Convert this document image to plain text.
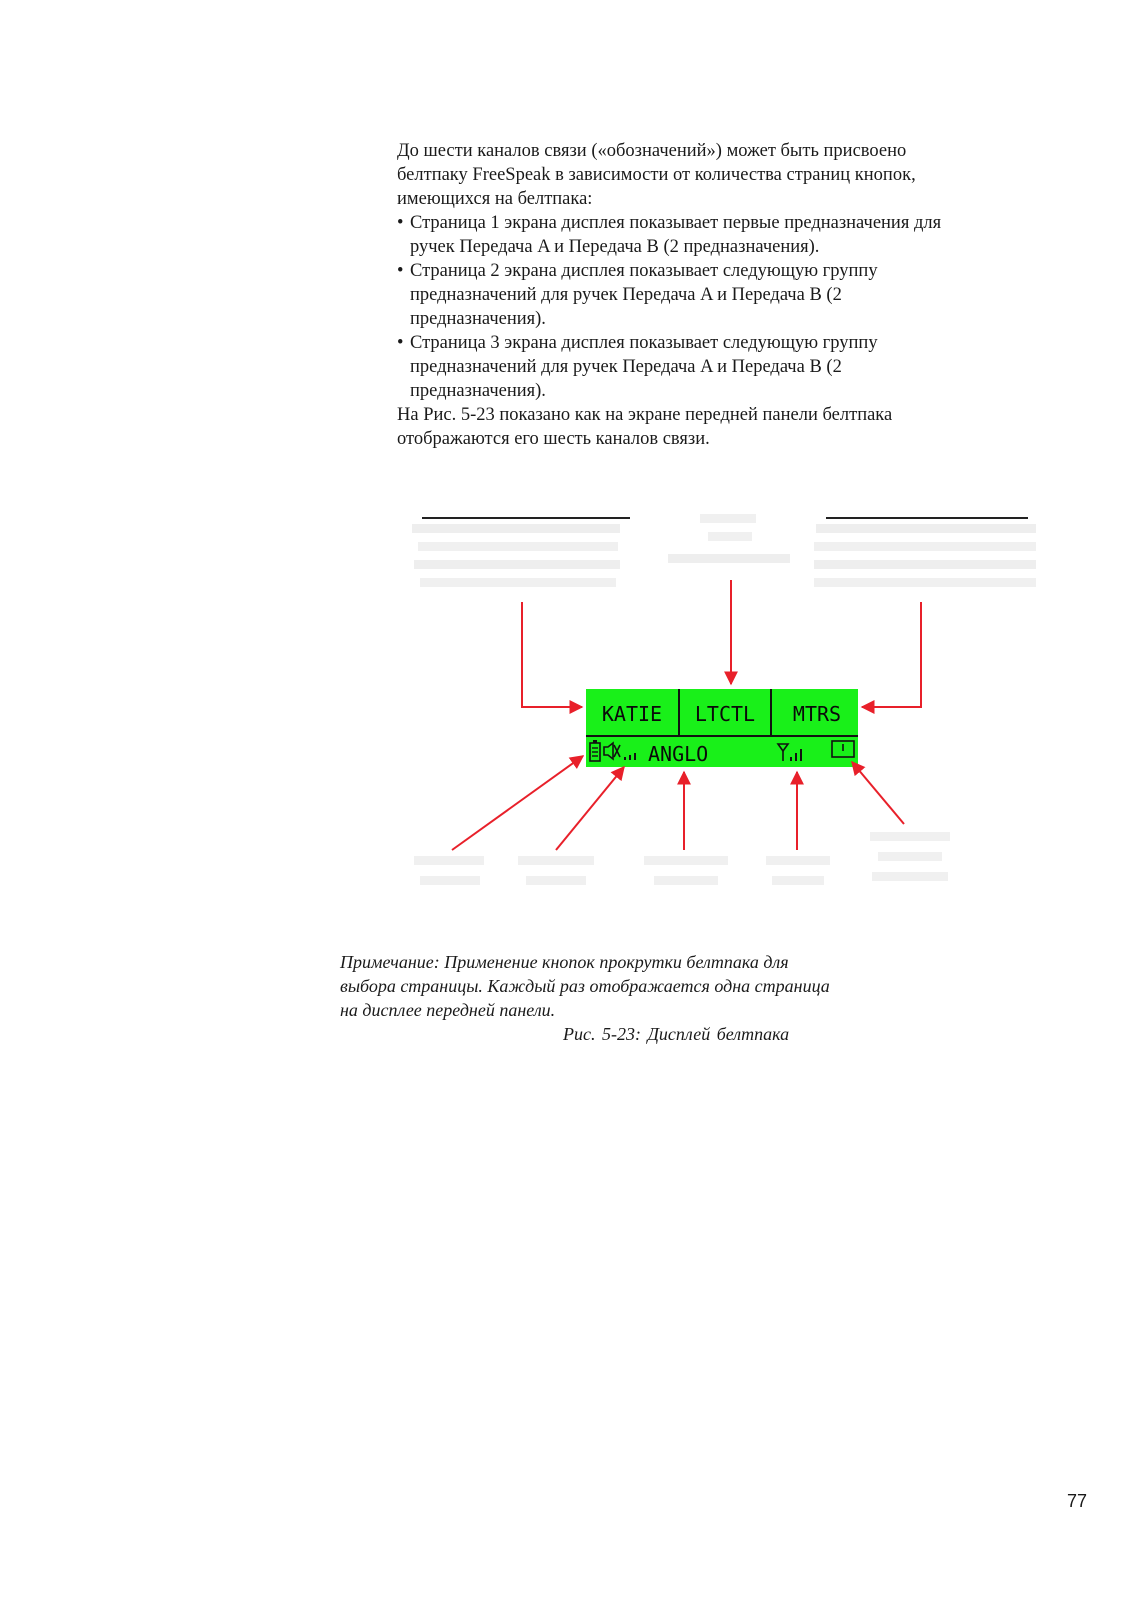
До шести каналов связи («обозначений») может быть присвоено
белтпаку FreeSpeak в зависимости от количества страниц кнопок,
имеющихся на белтпака:

• Страница 1 экрана дисплея показывает первые предназначения для
ручек Передача A и Передача B (2 предназначения).
• Страница 2 экрана дисплея показывает следующую группу
предназначений для ручек Передача A и Передача B (2
предназначения).
• Страница 3 экрана дисплея показывает следующую группу
предназначений для ручек Передача A и Передача B (2
предназначения).

На Рис. 5-23 показано как на экране передней панели белтпака
отображаются его шесть каналов связи.

KATIE LTCTL MTRS
ANGLO
Примечание: Применение кнопок прокрутки белтпака для
выбора страницы. Каждый раз отображается одна страница
на дисплее передней панели.
Рис. 5-23: Дисплей белтпака
77
